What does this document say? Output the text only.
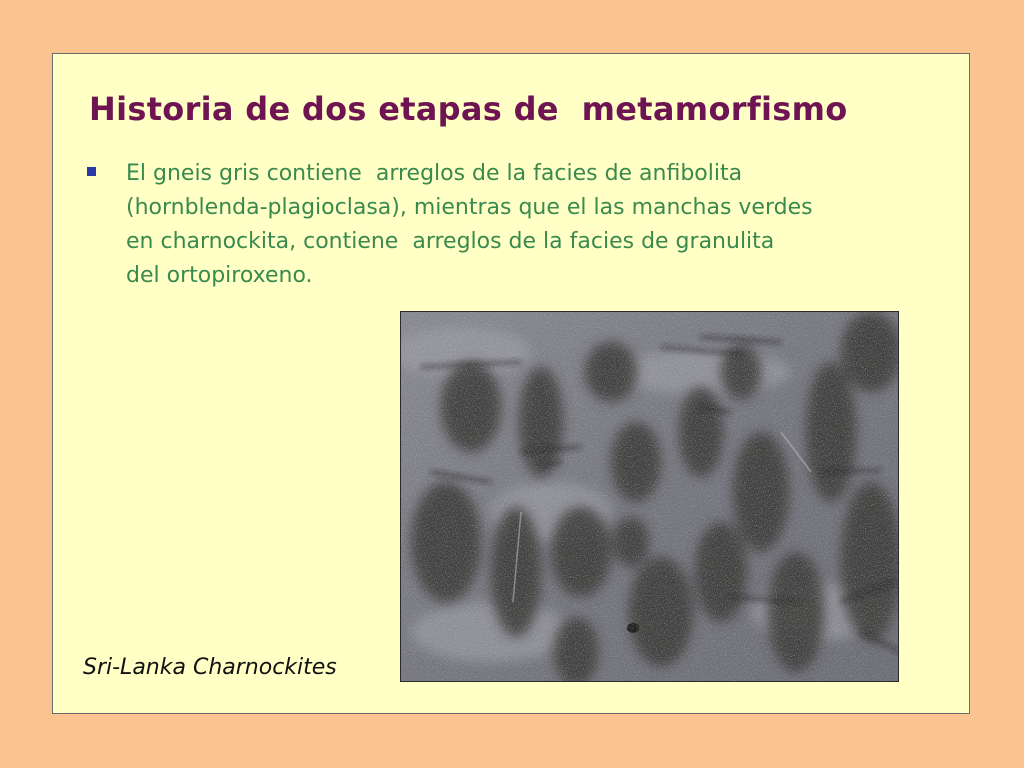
Historia de dos etapas de  metamorfismo

El gneis gris contiene  arreglos de la facies de anfibolita
(hornblenda-plagioclasa), mientras que el las manchas verdes
en charnockita, contiene  arreglos de la facies de granulita
del ortopiroxeno.

Sri-Lanka Charnockites
